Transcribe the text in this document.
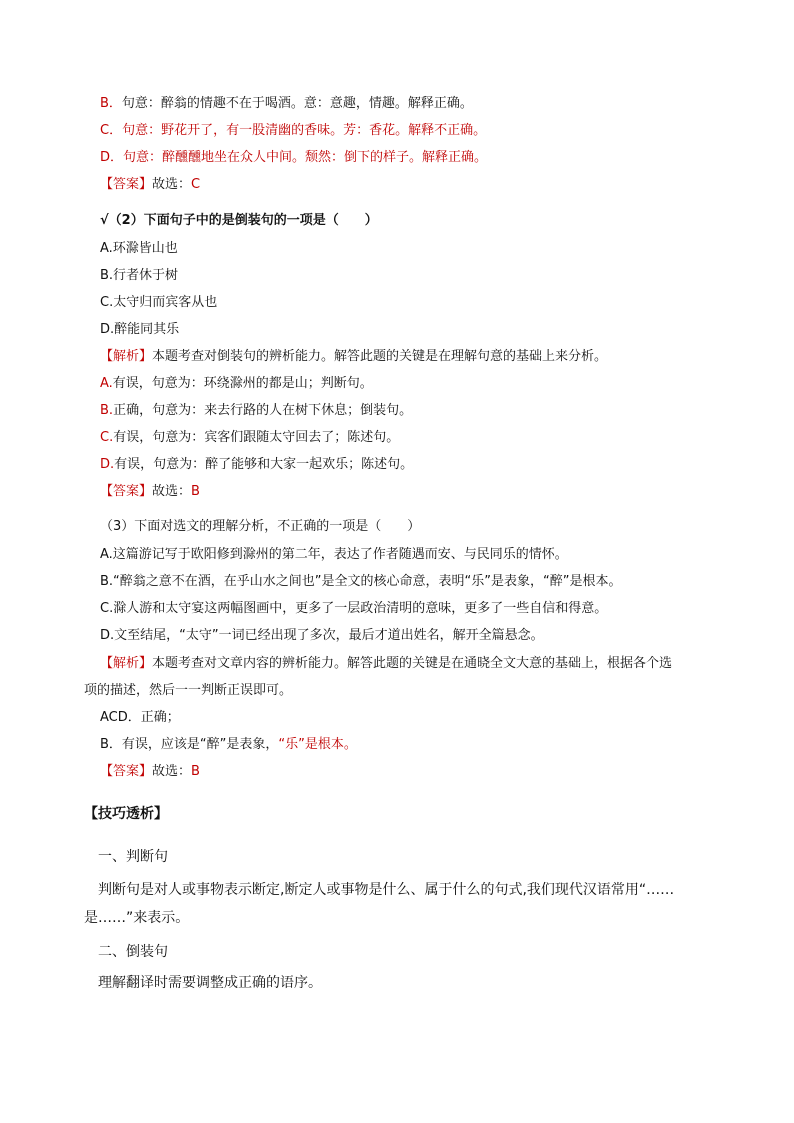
B．句意：醉翁的情趣不在于喝酒。意：意趣，情趣。解释正确。
C．句意：野花开了，有一股清幽的香味。芳：香花。解释不正确。
D．句意：醉醺醺地坐在众人中间。颓然：倒下的样子。解释正确。
【答案】故选：C
√（2）下面句子中的是倒装句的一项是（　　）
A.环滁皆山也
B.行者休于树
C.太守归而宾客从也
D.醉能同其乐
【解析】本题考查对倒装句的辨析能力。解答此题的关键是在理解句意的基础上来分析。
A.有误，句意为：环绕滁州的都是山；判断句。
B.正确，句意为：来去行路的人在树下休息；倒装句。
C.有误，句意为：宾客们跟随太守回去了；陈述句。
D.有误，句意为：醉了能够和大家一起欢乐；陈述句。
【答案】故选：B
（3）下面对选文的理解分析，不正确的一项是（　　）
A.这篇游记写于欧阳修到滁州的第二年，表达了作者随遇而安、与民同乐的情怀。
B.“醉翁之意不在酒，在乎山水之间也”是全文的核心命意，表明“乐”是表象，“醉”是根本。
C.滁人游和太守宴这两幅图画中，更多了一层政治清明的意味，更多了一些自信和得意。
D.文至结尾，“太守”一词已经出现了多次，最后才道出姓名，解开全篇悬念。
【解析】本题考查对文章内容的辨析能力。解答此题的关键是在通晓全文大意的基础上，根据各个选
项的描述，然后一一判断正误即可。
ACD．正确；
B．有误，应该是“醉”是表象，“乐”是根本。
【答案】故选：B
【技巧透析】
一、判断句
判断句是对人或事物表示断定,断定人或事物是什么、属于什么的句式,我们现代汉语常用“……
是……”来表示。
二、倒装句
理解翻译时需要调整成正确的语序。
